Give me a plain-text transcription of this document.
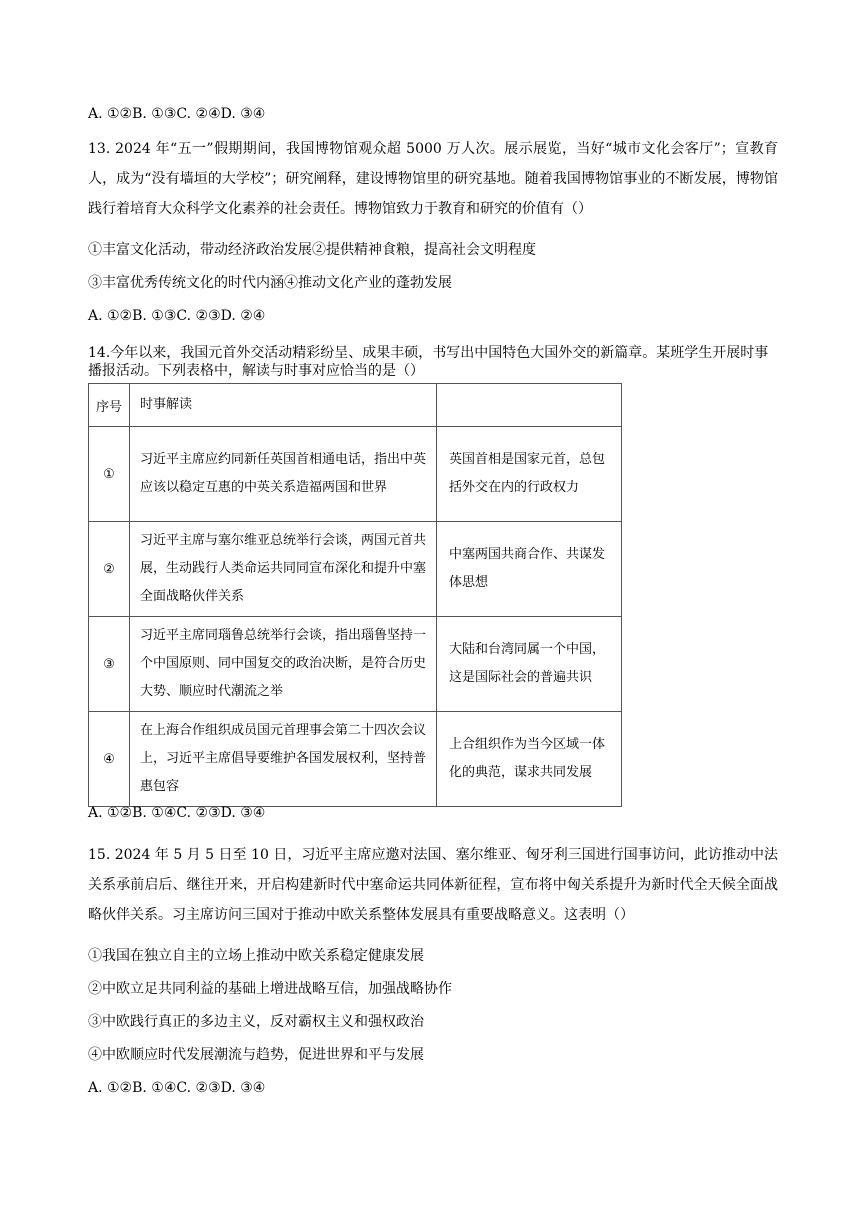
A. ①②B. ①③C. ②④D. ③④
13. 2024 年“五一”假期期间，我国博物馆观众超 5000 万人次。展示展览，当好“城市文化会客厅”；宣教育人，成为“没有墙垣的大学校”；研究阐释，建设博物馆里的研究基地。随着我国博物馆事业的不断发展，博物馆践行着培育大众科学文化素养的社会责任。博物馆致力于教育和研究的价值有（）
①丰富文化活动，带动经济政治发展②提供精神食粮，提高社会文明程度
③丰富优秀传统文化的时代内涵④推动文化产业的蓬勃发展
A. ①②B. ①③C. ②③D. ②④
14.今年以来，我国元首外交活动精彩纷呈、成果丰硕，书写出中国特色大国外交的新篇章。某班学生开展时事播报活动。下列表格中，解读与时事对应恰当的是（）
序号	时事解读	
①	习近平主席应约同新任英国首相通电话，指出中英应该以稳定互惠的中英关系造福两国和世界	英国首相是国家元首，总包括外交在内的行政权力
②	习近平主席与塞尔维亚总统举行会谈，两国元首共展，生动践行人类命运共同同宣布深化和提升中塞全面战略伙伴关系	中塞两国共商合作、共谋发体思想
③	习近平主席同瑙鲁总统举行会谈，指出瑙鲁坚持一个中国原则、同中国复交的政治决断，是符合历史大势、顺应时代潮流之举	大陆和台湾同属一个中国，这是国际社会的普遍共识
④	在上海合作组织成员国元首理事会第二十四次会议上，习近平主席倡导要维护各国发展权利，坚持普惠包容	上合组织作为当今区域一体化的典范，谋求共同发展
A. ①②B. ①④C. ②③D. ③④
15. 2024 年 5 月 5 日至 10 日，习近平主席应邀对法国、塞尔维亚、匈牙利三国进行国事访问，此访推动中法关系承前启后、继往开来，开启构建新时代中塞命运共同体新征程，宣布将中匈关系提升为新时代全天候全面战略伙伴关系。习主席访问三国对于推动中欧关系整体发展具有重要战略意义。这表明（）
①我国在独立自主的立场上推动中欧关系稳定健康发展
②中欧立足共同利益的基础上增进战略互信，加强战略协作
③中欧践行真正的多边主义，反对霸权主义和强权政治
④中欧顺应时代发展潮流与趋势，促进世界和平与发展
A. ①②B. ①④C. ②③D. ③④
